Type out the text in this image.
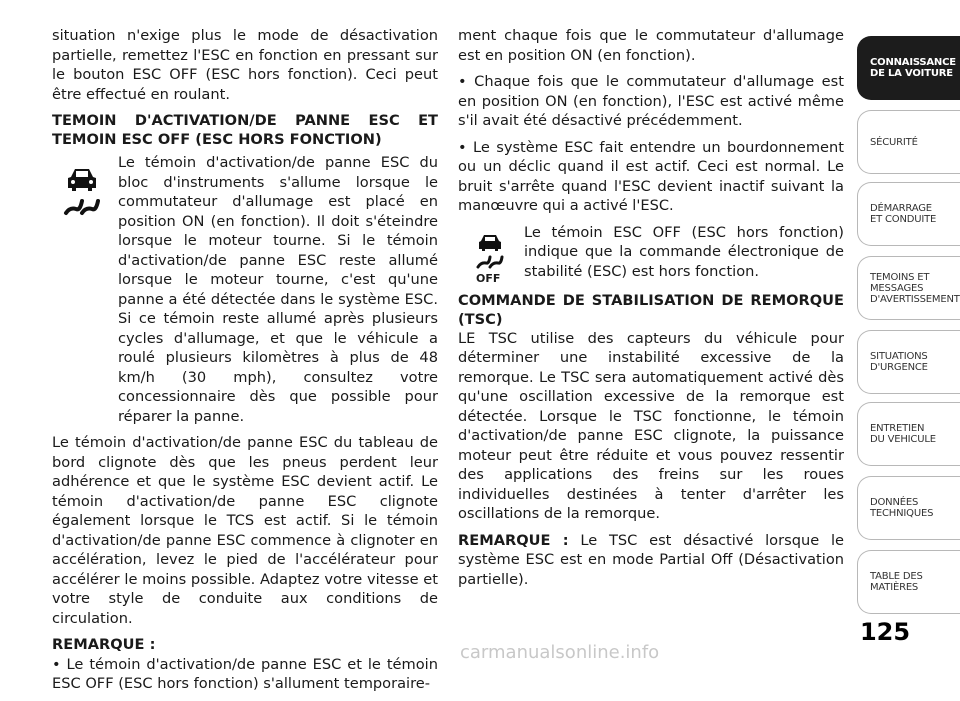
situation n'exige plus le mode de désactivation partielle, remettez l'ESC en fonction en pressant sur le bouton ESC OFF (ESC hors fonction). Ceci peut être effectué en roulant.

TEMOIN D'ACTIVATION/DE PANNE ESC ET TEMOIN ESC OFF (ESC HORS FONCTION)

Le témoin d'activation/de panne ESC du bloc d'instruments s'allume lorsque le commutateur d'allumage est placé en position ON (en fonction). Il doit s'éteindre lorsque le moteur tourne. Si le témoin d'activation/de panne ESC reste allumé lorsque le moteur tourne, c'est qu'une panne a été détectée dans le système ESC. Si ce témoin reste allumé après plusieurs cycles d'allumage, et que le véhicule a roulé plusieurs kilomètres à plus de 48 km/h (30 mph), consultez votre concessionnaire dès que possible pour réparer la panne.

Le témoin d'activation/de panne ESC du tableau de bord clignote dès que les pneus perdent leur adhérence et que le système ESC devient actif. Le témoin d'activation/de panne ESC clignote également lorsque le TCS est actif. Si le témoin d'activation/de panne ESC commence à clignoter en accélération, levez le pied de l'accélérateur pour accélérer le moins possible. Adaptez votre vitesse et votre style de conduite aux conditions de circulation.

REMARQUE :

• Le témoin d'activation/de panne ESC et le témoin ESC OFF (ESC hors fonction) s'allument temporaire-

ment chaque fois que le commutateur d'allumage est en position ON (en fonction).

• Chaque fois que le commutateur d'allumage est en position ON (en fonction), l'ESC est activé même s'il avait été désactivé précédemment.

• Le système ESC fait entendre un bourdonnement ou un déclic quand il est actif. Ceci est normal. Le bruit s'arrête quand l'ESC devient inactif suivant la manœuvre qui a activé l'ESC.

OFF

Le témoin ESC OFF (ESC hors fonction) indique que la commande électronique de stabilité (ESC) est hors fonction.

COMMANDE DE STABILISATION DE REMORQUE (TSC)

LE TSC utilise des capteurs du véhicule pour déterminer une instabilité excessive de la remorque. Le TSC sera automatiquement activé dès qu'une oscillation excessive de la remorque est détectée. Lorsque le TSC fonctionne, le témoin d'activation/de panne ESC clignote, la puissance moteur peut être réduite et vous pouvez ressentir des applications des freins sur les roues individuelles destinées à tenter d'arrêter les oscillations de la remorque.

REMARQUE : Le TSC est désactivé lorsque le système ESC est en mode Partial Off (Désactivation partielle).

CONNAISSANCE
DE LA VOITURE
SÉCURITÉ
DÉMARRAGE
ET CONDUITE
TEMOINS ET
MESSAGES
D'AVERTISSEMENT
SITUATIONS
D'URGENCE
ENTRETIEN
DU VEHICULE
DONNÉES
TECHNIQUES
TABLE DES
MATIÈRES
125
carmanualsonline.info
